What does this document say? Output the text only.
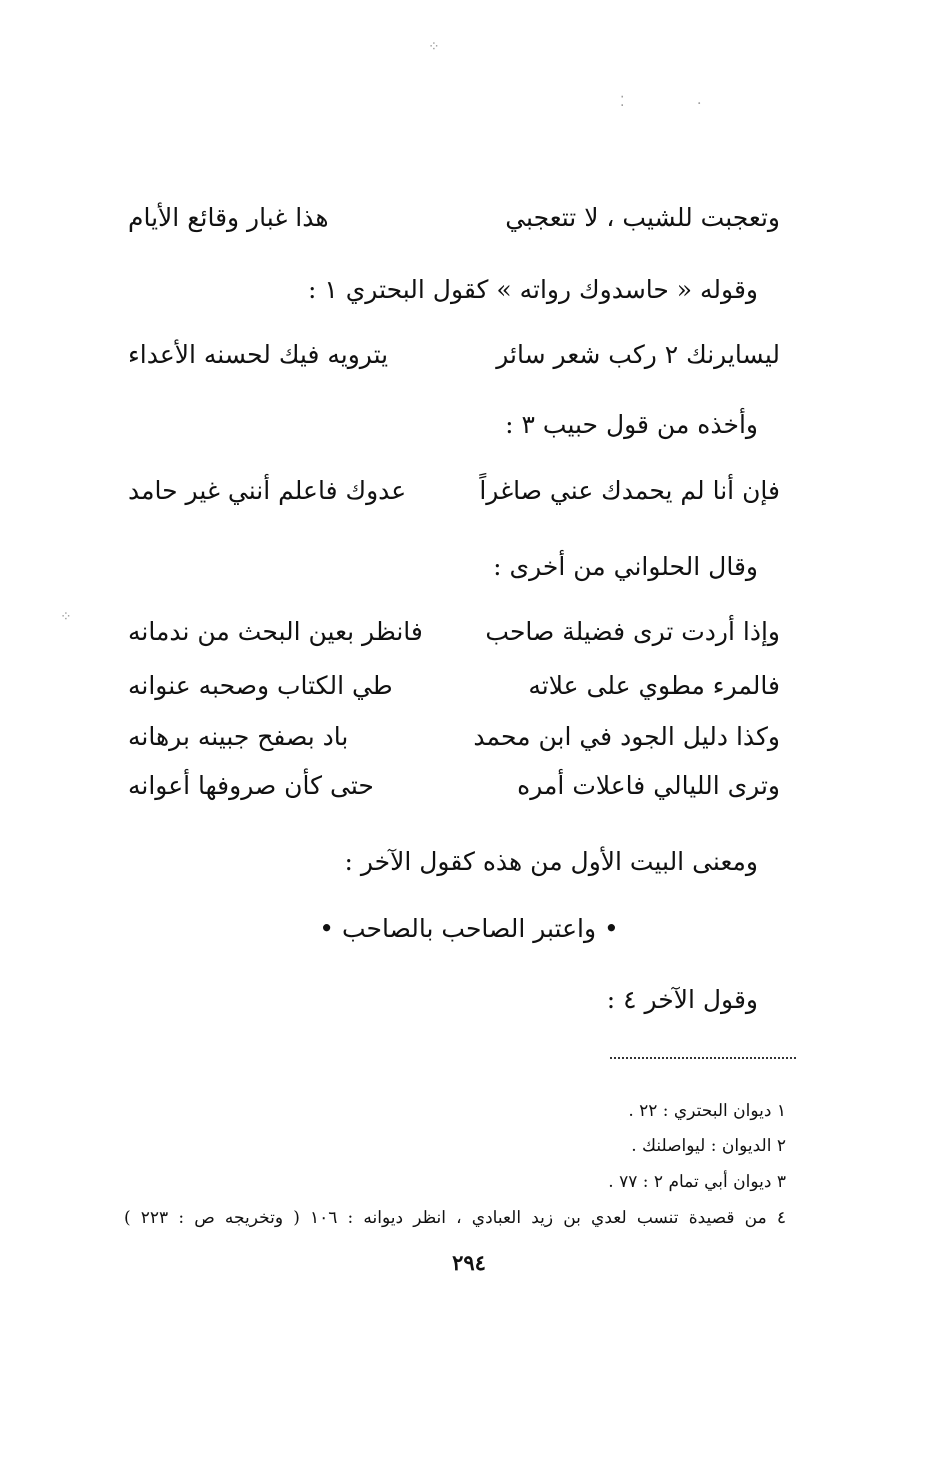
⁘
⁚	·
⁘
وتعجبت للشيب ، لا تتعجبي
هذا غبار وقائع الأيام
وقوله « حاسدوك رواته » كقول البحتري ١ :
ليسايرنك ٢ ركب شعر سائر
يترويه فيك لحسنه الأعداء
وأخذه من قول حبيب ٣ :
فإن أنا لم يحمدك عني صاغراً
عدوك فاعلم أنني غير حامد
وقال الحلواني من أخرى :
وإذا أردت ترى فضيلة صاحب
فانظر بعين البحث من ندمانه
فالمرء مطوي على علاته
طي الكتاب وصحبه عنوانه
وكذا دليل الجود في ابن محمد
باد بصفح جبينه برهانه
وترى الليالي فاعلات أمره
حتى كأن صروفها أعوانه
ومعنى البيت الأول من هذه كقول الآخر :
• واعتبر الصاحب بالصاحب •
وقول الآخر ٤ :
١ ديوان البحتري : ٢٢ .
٢ الديوان : ليواصلنك .
٣ ديوان أبي تمام ٢ : ٧٧ .
٤ من قصيدة تنسب لعدي بن زيد العبادي ، انظر ديوانه : ١٠٦ ( وتخريجه ص : ٢٢٣ )
٢٩٤
